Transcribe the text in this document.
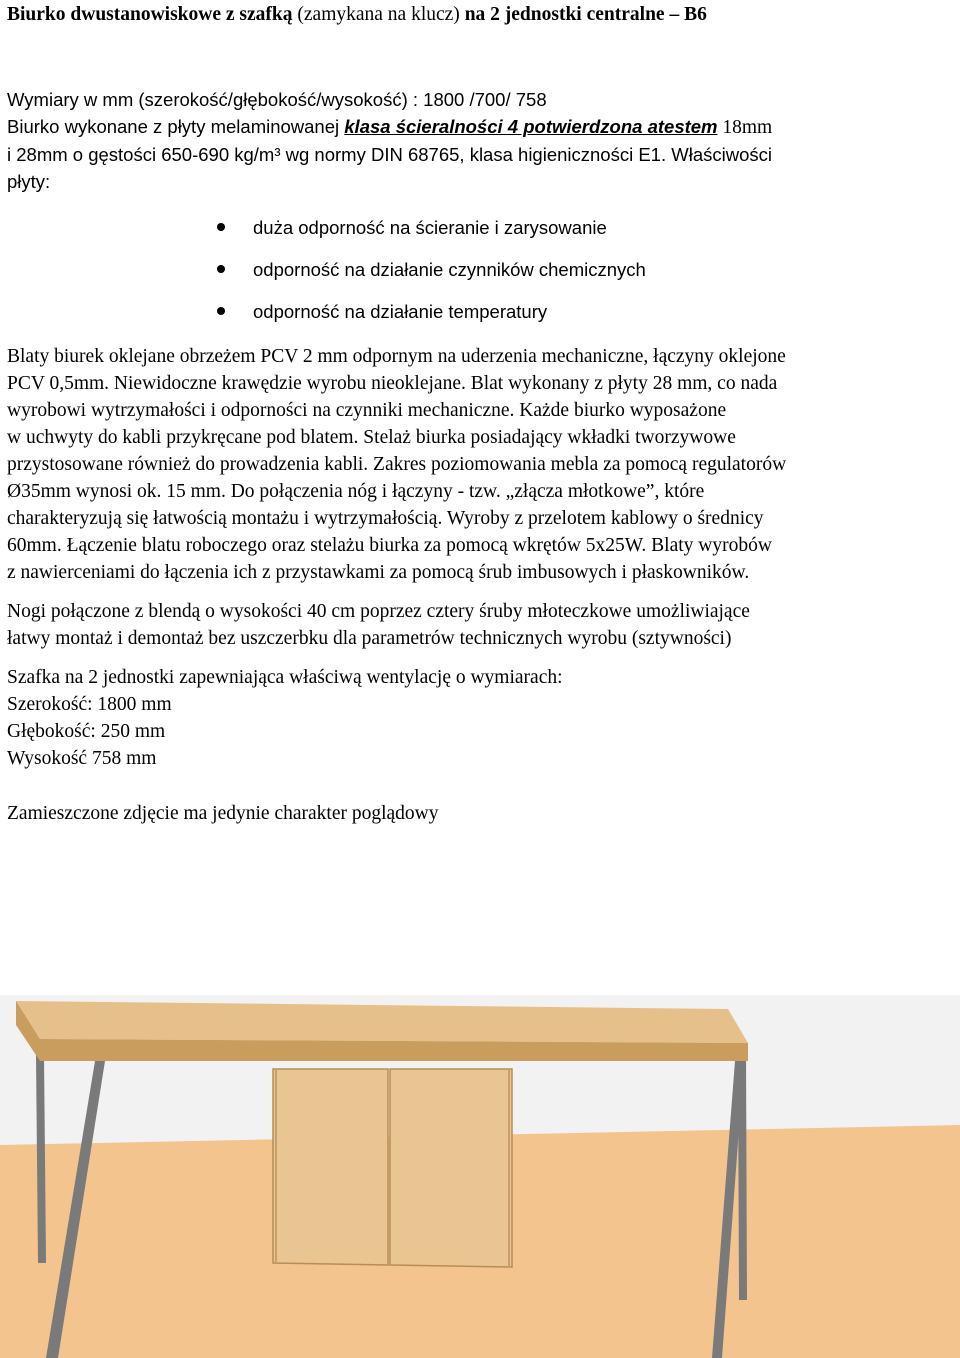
Biurko dwustanowiskowe z szafką (zamykana na klucz) na 2 jednostki centralne – B6

Wymiary w mm (szerokość/głębokość/wysokość) : 1800 /700/ 758

Biurko wykonane z płyty melaminowanej klasa ścieralności 4 potwierdzona atestem 18mm

i 28mm o gęstości 650-690 kg/m³ wg normy DIN 68765, klasa higieniczności E1. Właściwości

płyty:

duża odporność na ścieranie i zarysowanie
odporność na działanie czynników chemicznych
odporność na działanie temperatury

Blaty biurek oklejane obrzeżem PCV 2 mm odpornym na uderzenia mechaniczne, łączyny oklejone

PCV 0,5mm. Niewidoczne krawędzie wyrobu nieoklejane. Blat wykonany z płyty 28 mm, co nada

wyrobowi wytrzymałości i odporności na czynniki mechaniczne. Każde biurko wyposażone

w uchwyty do kabli przykręcane pod blatem. Stelaż biurka posiadający wkładki tworzywowe

przystosowane również do prowadzenia kabli. Zakres poziomowania mebla za pomocą regulatorów

Ø35mm wynosi ok. 15 mm. Do połączenia nóg i łączyny - tzw. „złącza młotkowe”, które

charakteryzują się łatwością montażu i wytrzymałością. Wyroby z przelotem kablowy o średnicy

60mm. Łączenie blatu roboczego oraz stelażu biurka za pomocą wkrętów 5x25W. Blaty wyrobów

z nawierceniami do łączenia ich z przystawkami za pomocą śrub imbusowych i płaskowników.

Nogi połączone z blendą o wysokości 40 cm poprzez cztery śruby młoteczkowe umożliwiające

łatwy montaż i demontaż bez uszczerbku dla parametrów technicznych wyrobu (sztywności)

Szafka na 2 jednostki zapewniająca właściwą wentylację o wymiarach:

Szerokość: 1800 mm

Głębokość: 250 mm

Wysokość 758 mm

Zamieszczone zdjęcie ma jedynie charakter poglądowy
